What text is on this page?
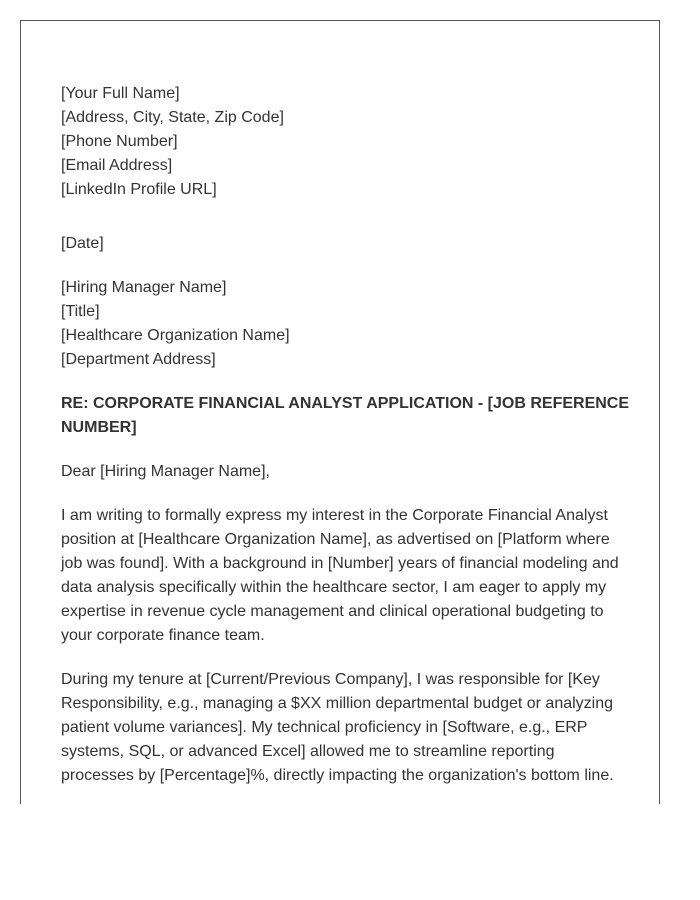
[Your Full Name]
[Address, City, State, Zip Code]
[Phone Number]
[Email Address]
[LinkedIn Profile URL]
[Date]
[Hiring Manager Name]
[Title]
[Healthcare Organization Name]
[Department Address]
RE: CORPORATE FINANCIAL ANALYST APPLICATION - [JOB REFERENCE NUMBER]

Dear [Hiring Manager Name],

I am writing to formally express my interest in the Corporate Financial Analyst position at [Healthcare Organization Name], as advertised on [Platform where job was found]. With a background in [Number] years of financial modeling and data analysis specifically within the healthcare sector, I am eager to apply my expertise in revenue cycle management and clinical operational budgeting to your corporate finance team.

During my tenure at [Current/Previous Company], I was responsible for [Key Responsibility, e.g., managing a $XX million departmental budget or analyzing patient volume variances]. My technical proficiency in [Software, e.g., ERP systems, SQL, or advanced Excel] allowed me to streamline reporting processes by [Percentage]%, directly impacting the organization's bottom line.
